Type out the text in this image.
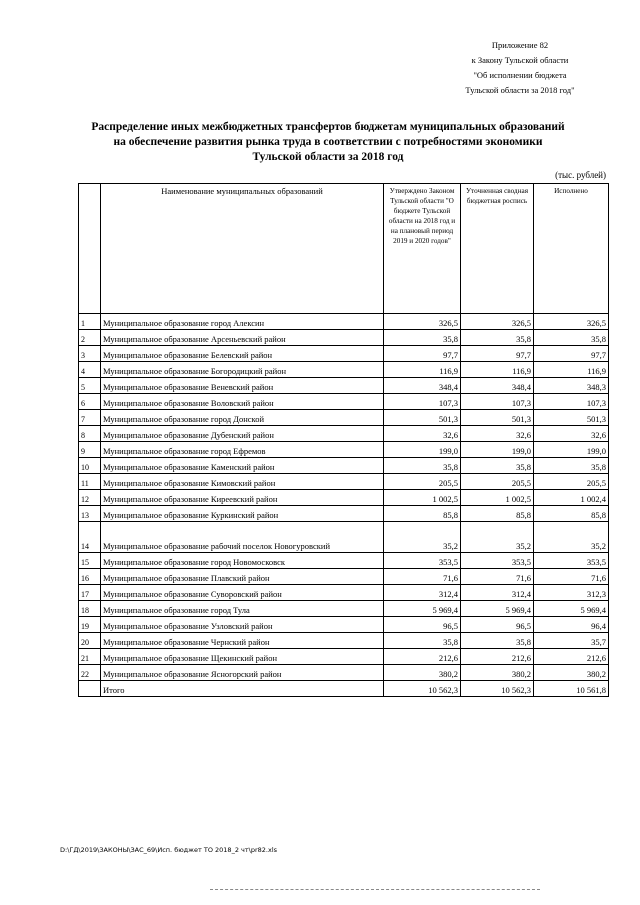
Приложение 82
к Закону Тульской области
"Об исполнении бюджета
Тульской области за 2018 год"
Распределение иных межбюджетных трансфертов бюджетам муниципальных образований
на обеспечение развития рынка труда в соответствии с потребностями экономики
Тульской области за 2018 год
(тыс. рублей)
	Наименование муниципальных образований	Утверждено Законом Тульской области "О бюджете Тульской области на 2018 год и на плановый период 2019 и 2020 годов"	Уточненная сводная бюджетная роспись	Исполнено
1	Муниципальное образование город Алексин	326,5	326,5	326,5
2	Муниципальное образование Арсеньевский район	35,8	35,8	35,8
3	Муниципальное образование Белевский район	97,7	97,7	97,7
4	Муниципальное образование Богородицкий район	116,9	116,9	116,9
5	Муниципальное образование Веневский район	348,4	348,4	348,3
6	Муниципальное образование Воловский район	107,3	107,3	107,3
7	Муниципальное образование город Донской	501,3	501,3	501,3
8	Муниципальное образование Дубенский район	32,6	32,6	32,6
9	Муниципальное образование город Ефремов	199,0	199,0	199,0
10	Муниципальное образование Каменский район	35,8	35,8	35,8
11	Муниципальное образование Кимовский район	205,5	205,5	205,5
12	Муниципальное образование Киреевский район	1 002,5	1 002,5	1 002,4
13	Муниципальное образование Куркинский район	85,8	85,8	85,8
14	Муниципальное образование рабочий поселок Новогуровский	35,2	35,2	35,2
15	Муниципальное образование город Новомосковск	353,5	353,5	353,5
16	Муниципальное образование Плавский район	71,6	71,6	71,6
17	Муниципальное образование Суворовский район	312,4	312,4	312,3
18	Муниципальное образование город Тула	5 969,4	5 969,4	5 969,4
19	Муниципальное образование Узловский район	96,5	96,5	96,4
20	Муниципальное образование Чернский район	35,8	35,8	35,7
21	Муниципальное образование Щекинский район	212,6	212,6	212,6
22	Муниципальное образование Ясногорский район	380,2	380,2	380,2
	Итого	10 562,3	10 562,3	10 561,8
D:\ГД\2019\ЗАКОНЫ\ЗАС_69\Исп. бюджет ТО 2018_2 чт\pr82.xls
